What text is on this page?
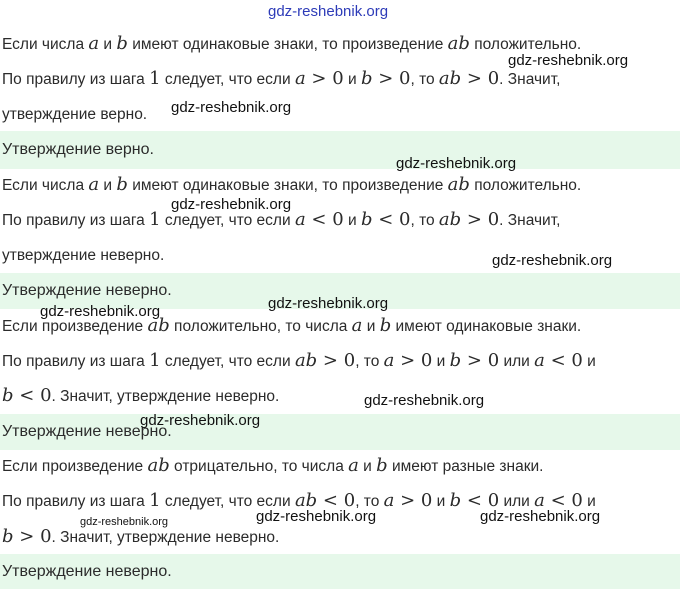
Если числа a и b имеют одинаковые знаки, то произведение ab положительно.
По правилу из шага 1 следует, что если a > 0 и b > 0, то ab > 0. Значит,
утверждение верно.
Утверждение верно.
Если числа a и b имеют одинаковые знаки, то произведение ab положительно.
По правилу из шага 1 следует, что если a < 0 и b < 0, то ab > 0. Значит,
утверждение неверно.
Утверждение неверно.
Если произведение ab положительно, то числа a и b имеют одинаковые знаки.
По правилу из шага 1 следует, что если ab > 0, то a > 0 и b > 0 или a < 0 и
b < 0. Значит, утверждение неверно.
Утверждение неверно.
Если произведение ab отрицательно, то числа a и b имеют разные знаки.
По правилу из шага 1 следует, что если ab < 0, то a > 0 и b < 0 или a < 0 и
b > 0. Значит, утверждение неверно.
Утверждение неверно.
gdz-reshebnik.org
gdz-reshebnik.org
gdz-reshebnik.org
gdz-reshebnik.org
gdz-reshebnik.org
gdz-reshebnik.org
gdz-reshebnik.org
gdz-reshebnik.org
gdz-reshebnik.org
gdz-reshebnik.org
gdz-reshebnik.org	gdz-reshebnik.org	gdz-reshebnik.org
